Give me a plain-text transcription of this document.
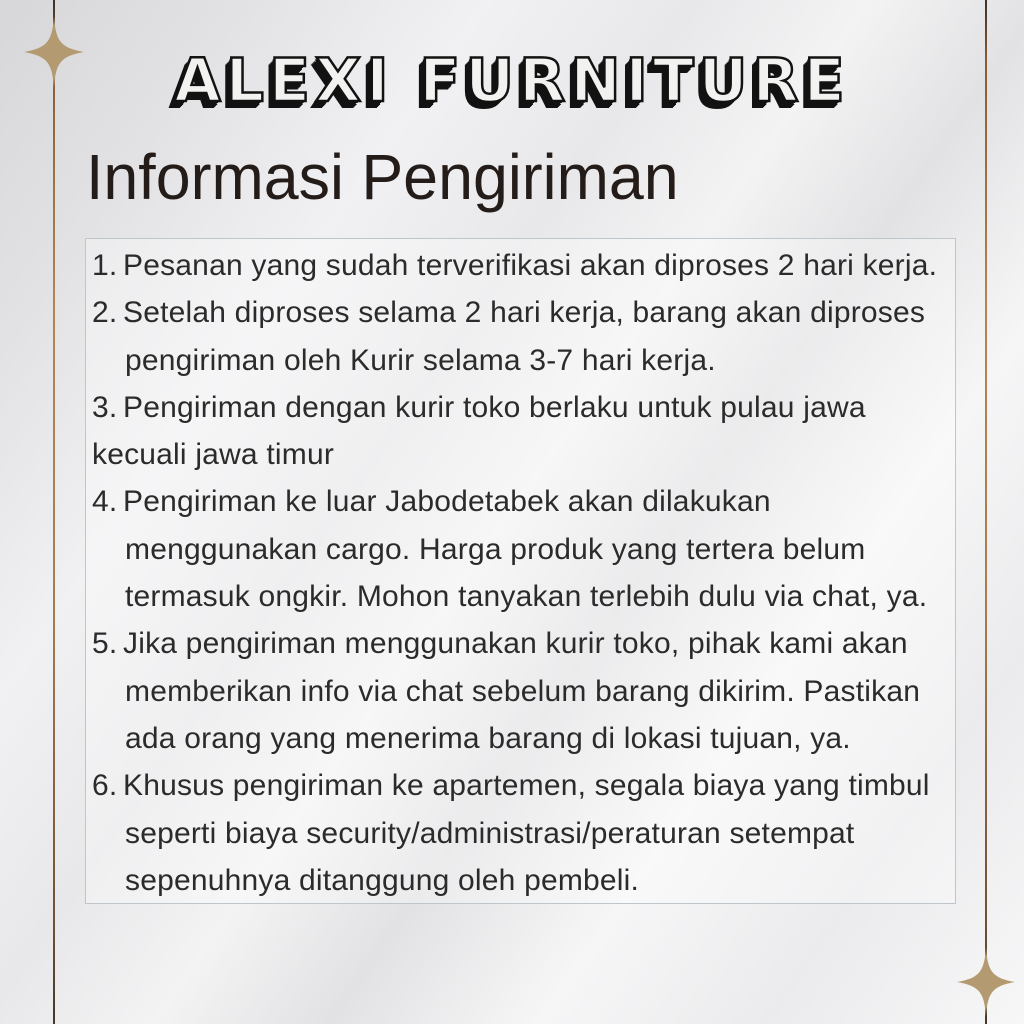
ALEXI FURNITURE
Informasi Pengiriman
1. Pesanan yang sudah terverifikasi akan diproses 2 hari kerja.
2. Setelah diproses selama 2 hari kerja, barang akan diproses
pengiriman oleh Kurir selama 3-7 hari kerja.
3. Pengiriman dengan kurir toko berlaku untuk pulau jawa
kecuali jawa timur
4. Pengiriman ke luar Jabodetabek akan dilakukan
menggunakan cargo. Harga produk yang tertera belum
termasuk ongkir. Mohon tanyakan terlebih dulu via chat, ya.
5. Jika pengiriman menggunakan kurir toko, pihak kami akan
memberikan info via chat sebelum barang dikirim. Pastikan
ada orang yang menerima barang di lokasi tujuan, ya.
6. Khusus pengiriman ke apartemen, segala biaya yang timbul
seperti biaya security/administrasi/peraturan setempat
sepenuhnya ditanggung oleh pembeli.
